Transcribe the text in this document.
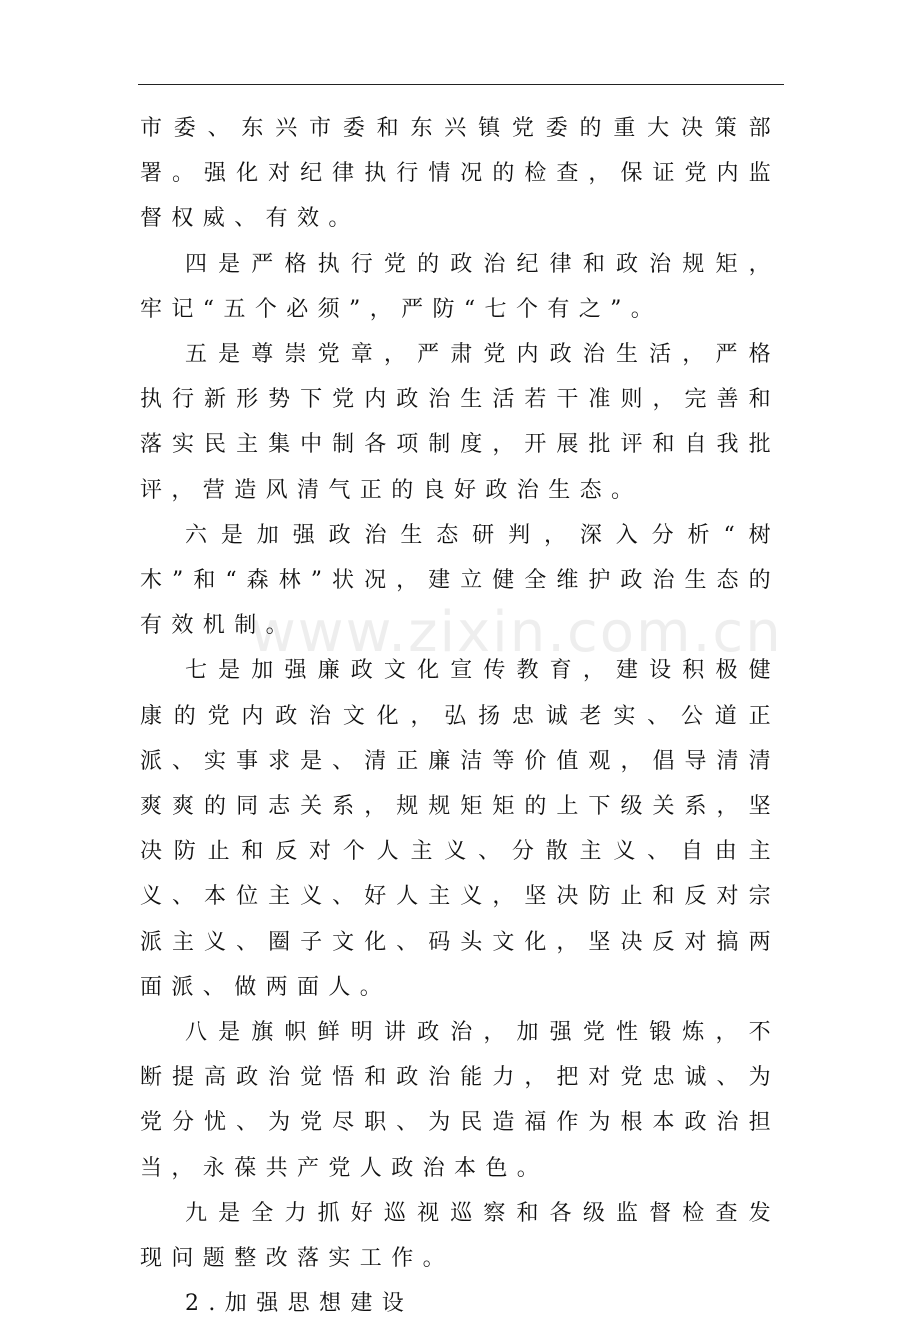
www.zixin.com.cn

市委、东兴市委和东兴镇党委的重大决策部署。强化对纪律执行情况的检查，保证党内监督权威、有效。

四是严格执行党的政治纪律和政治规矩，牢记“五个必须”，严防“七个有之”。

五是尊崇党章，严肃党内政治生活，严格执行新形势下党内政治生活若干准则，完善和落实民主集中制各项制度，开展批评和自我批评，营造风清气正的良好政治生态。

六是加强政治生态研判，深入分析“树木”和“森林”状况，建立健全维护政治生态的有效机制。

七是加强廉政文化宣传教育，建设积极健康的党内政治文化，弘扬忠诚老实、公道正派、实事求是、清正廉洁等价值观，倡导清清爽爽的同志关系，规规矩矩的上下级关系，坚决防止和反对个人主义、分散主义、自由主义、本位主义、好人主义，坚决防止和反对宗派主义、圈子文化、码头文化，坚决反对搞两面派、做两面人。

八是旗帜鲜明讲政治，加强党性锻炼，不断提高政治觉悟和政治能力，把对党忠诚、为党分忧、为党尽职、为民造福作为根本政治担当，永葆共产党人政治本色。

九是全力抓好巡视巡察和各级监督检查发现问题整改落实工作。

2.加强思想建设
